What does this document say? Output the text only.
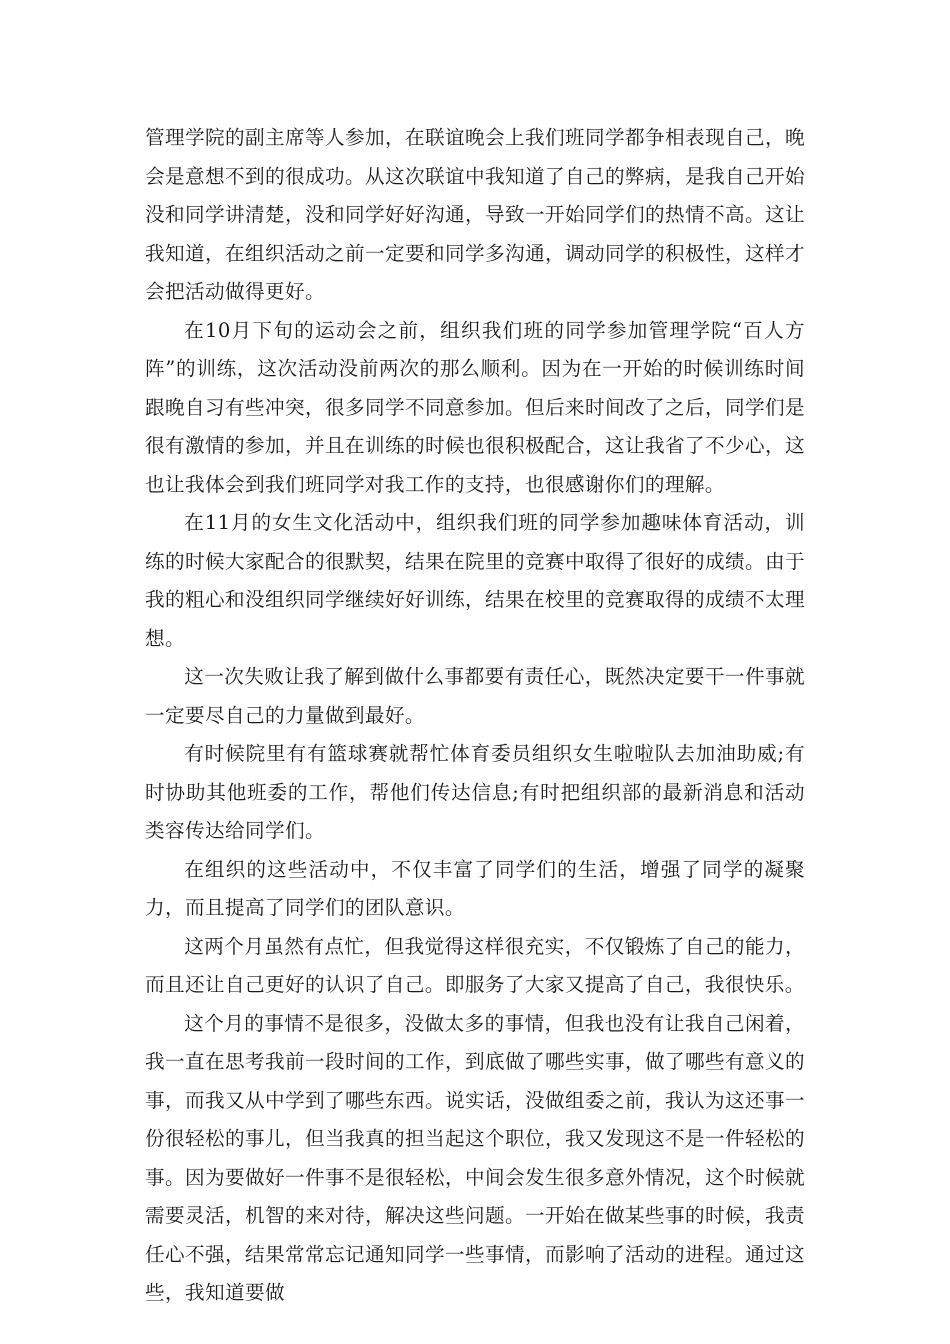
管理学院的副主席等人参加，在联谊晚会上我们班同学都争相表现自己，晚会是意想不到的很成功。从这次联谊中我知道了自己的弊病，是我自己开始没和同学讲清楚，没和同学好好沟通，导致一开始同学们的热情不高。这让我知道，在组织活动之前一定要和同学多沟通，调动同学的积极性，这样才会把活动做得更好。

在10月下旬的运动会之前，组织我们班的同学参加管理学院“百人方阵”的训练，这次活动没前两次的那么顺利。因为在一开始的时候训练时间跟晚自习有些冲突，很多同学不同意参加。但后来时间改了之后，同学们是很有激情的参加，并且在训练的时候也很积极配合，这让我省了不少心，这也让我体会到我们班同学对我工作的支持，也很感谢你们的理解。

在11月的女生文化活动中，组织我们班的同学参加趣味体育活动，训练的时候大家配合的很默契，结果在院里的竞赛中取得了很好的成绩。由于我的粗心和没组织同学继续好好训练，结果在校里的竞赛取得的成绩不太理想。

这一次失败让我了解到做什么事都要有责任心，既然决定要干一件事就一定要尽自己的力量做到最好。

有时候院里有有篮球赛就帮忙体育委员组织女生啦啦队去加油助威;有时协助其他班委的工作，帮他们传达信息;有时把组织部的最新消息和活动类容传达给同学们。

在组织的这些活动中，不仅丰富了同学们的生活，增强了同学的凝聚力，而且提高了同学们的团队意识。

这两个月虽然有点忙，但我觉得这样很充实，不仅锻炼了自己的能力，而且还让自己更好的认识了自己。即服务了大家又提高了自己，我很快乐。

这个月的事情不是很多，没做太多的事情，但我也没有让我自己闲着，我一直在思考我前一段时间的工作，到底做了哪些实事，做了哪些有意义的事，而我又从中学到了哪些东西。说实话，没做组委之前，我认为这还事一份很轻松的事儿，但当我真的担当起这个职位，我又发现这不是一件轻松的事。因为要做好一件事不是很轻松，中间会发生很多意外情况，这个时候就需要灵活，机智的来对待，解决这些问题。一开始在做某些事的时候，我责任心不强，结果常常忘记通知同学一些事情，而影响了活动的进程。通过这些，我知道要做
